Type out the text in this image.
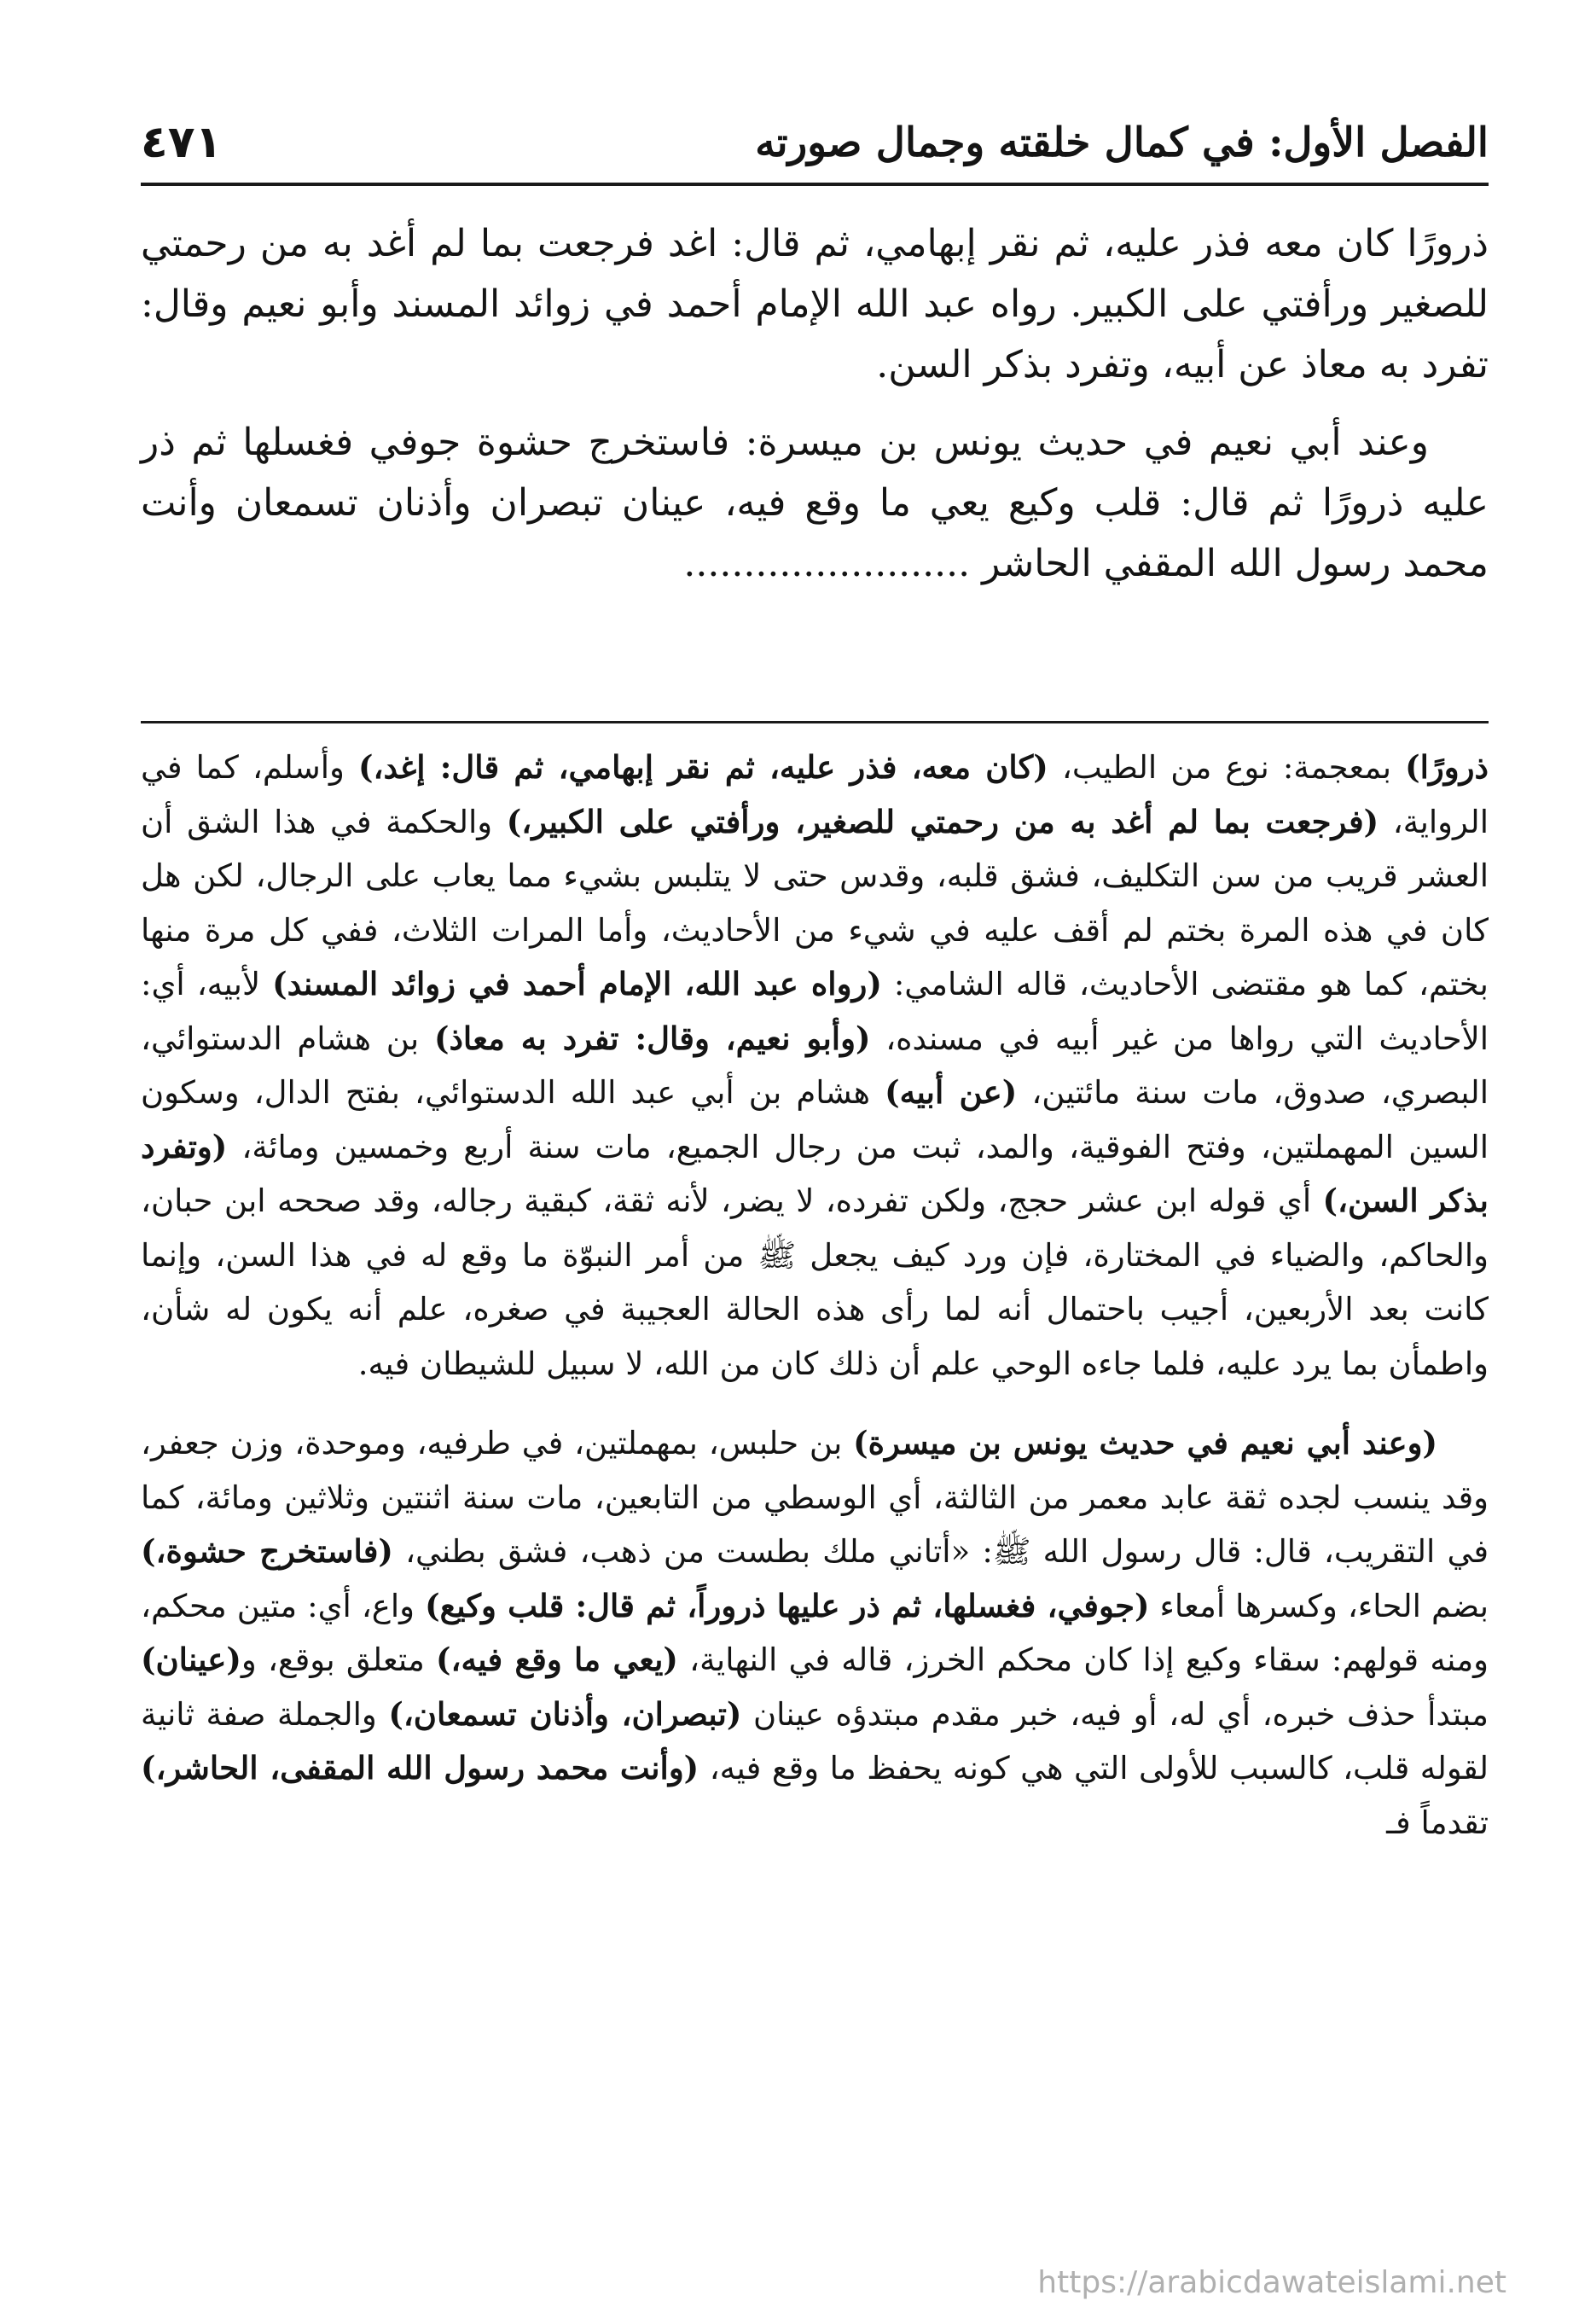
الفصل الأول: في كمال خلقته وجمال صورته
٤٧١

ذرورًا كان معه فذر عليه، ثم نقر إبهامي، ثم قال: اغد فرجعت بما لم أغد به من رحمتي للصغير ورأفتي على الكبير. رواه عبد الله الإمام أحمد في زوائد المسند وأبو نعيم وقال: تفرد به معاذ عن أبيه، وتفرد بذكر السن.

وعند أبي نعيم في حديث يونس بن ميسرة: فاستخرج حشوة جوفي فغسلها ثم ذر عليه ذرورًا ثم قال: قلب وكيع يعي ما وقع فيه، عينان تبصران وأذنان تسمعان وأنت محمد رسول الله المقفي الحاشر ........................

ذرورًا) بمعجمة: نوع من الطيب، (كان معه، فذر عليه، ثم نقر إبهامي، ثم قال: إغد،) وأسلم، كما في الرواية، (فرجعت بما لم أغد به من رحمتي للصغير، ورأفتي على الكبير،) والحكمة في هذا الشق أن العشر قريب من سن التكليف، فشق قلبه، وقدس حتى لا يتلبس بشيء مما يعاب على الرجال، لكن هل كان في هذه المرة بختم لم أقف عليه في شيء من الأحاديث، وأما المرات الثلاث، ففي كل مرة منها بختم، كما هو مقتضى الأحاديث، قاله الشامي: (رواه عبد الله، الإمام أحمد في زوائد المسند) لأبيه، أي: الأحاديث التي رواها من غير أبيه في مسنده، (وأبو نعيم، وقال: تفرد به معاذ) بن هشام الدستوائي، البصري، صدوق، مات سنة مائتين، (عن أبيه) هشام بن أبي عبد الله الدستوائي، بفتح الدال، وسكون السين المهملتين، وفتح الفوقية، والمد، ثبت من رجال الجميع، مات سنة أربع وخمسين ومائة، (وتفرد بذكر السن،) أي قوله ابن عشر حجج، ولكن تفرده، لا يضر، لأنه ثقة، كبقية رجاله، وقد صححه ابن حبان، والحاكم، والضياء في المختارة، فإن ورد كيف يجعل ﷺ من أمر النبوّة ما وقع له في هذا السن، وإنما كانت بعد الأربعين، أجيب باحتمال أنه لما رأى هذه الحالة العجيبة في صغره، علم أنه يكون له شأن، واطمأن بما يرد عليه، فلما جاءه الوحي علم أن ذلك كان من الله، لا سبيل للشيطان فيه.

(وعند أبي نعيم في حديث يونس بن ميسرة) بن حلبس، بمهملتين، في طرفيه، وموحدة، وزن جعفر، وقد ينسب لجده ثقة عابد معمر من الثالثة، أي الوسطي من التابعين، مات سنة اثنتين وثلاثين ومائة، كما في التقريب، قال: قال رسول الله ﷺ: «أتاني ملك بطست من ذهب، فشق بطني، (فاستخرج حشوة،) بضم الحاء، وكسرها أمعاء (جوفي، فغسلها، ثم ذر عليها ذروراً، ثم قال: قلب وكيع) واع، أي: متين محكم، ومنه قولهم: سقاء وكيع إذا كان محكم الخرز، قاله في النهاية، (يعي ما وقع فيه،) متعلق بوقع، و(عينان) مبتدأ حذف خبره، أي له، أو فيه، خبر مقدم مبتدؤه عينان (تبصران، وأذنان تسمعان،) والجملة صفة ثانية لقوله قلب، كالسبب للأولى التي هي كونه يحفظ ما وقع فيه، (وأنت محمد رسول الله المقفى، الحاشر،) تقدماً فـ

https://arabicdawateislami.net
